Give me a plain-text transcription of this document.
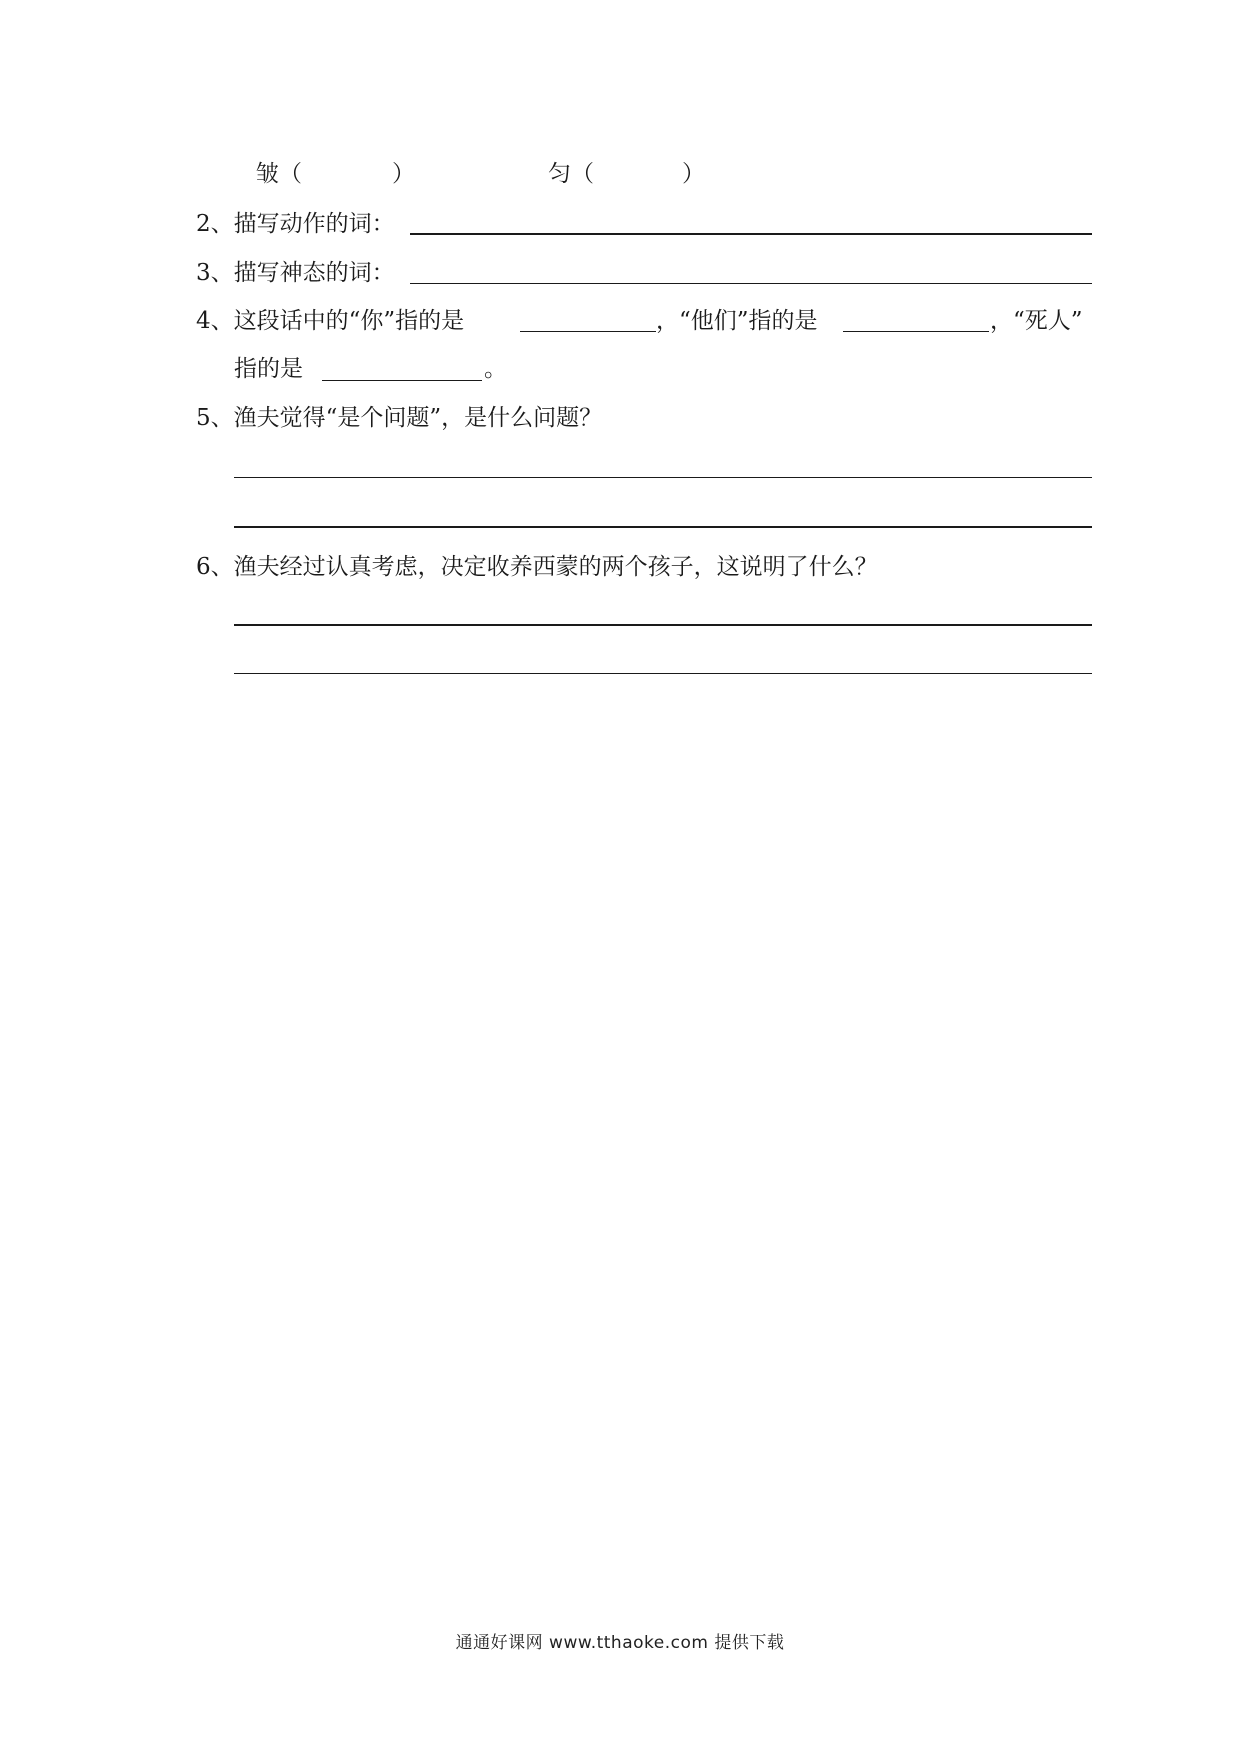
皱（	）	匀（	）
2、描写动作的词：
3、描写神态的词：
4、这段话中的“你”指的是	，“他们”指的是	，“死人”
指的是	。
5、渔夫觉得“是个问题”，是什么问题？
6、渔夫经过认真考虑，决定收养西蒙的两个孩子，这说明了什么？
通通好课网 www.tthaoke.com 提供下载
